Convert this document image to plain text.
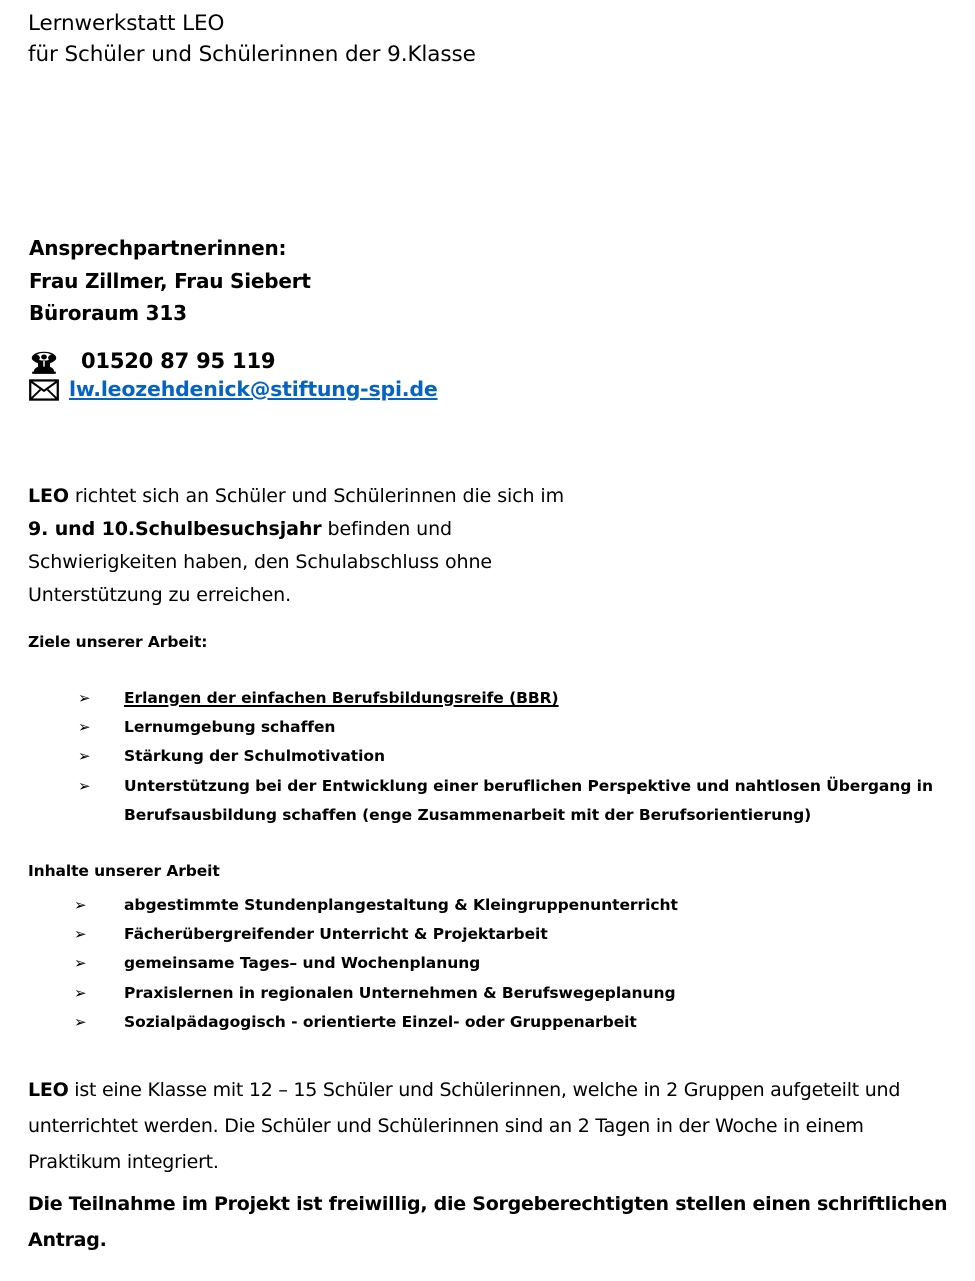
Lernwerkstatt LEO
für Schüler und Schülerinnen der 9.Klasse
Ansprechpartnerinnen:
Frau Zillmer, Frau Siebert
Büroraum 313
01520 87 95 119
lw.leozehdenick@stiftung-spi.de
LEO richtet sich an Schüler und Schülerinnen die sich im
9. und 10.Schulbesuchsjahr befinden und
Schwierigkeiten haben, den Schulabschluss ohne
Unterstützung zu erreichen.
Ziele unserer Arbeit:
➢	Erlangen der einfachen Berufsbildungsreife (BBR)
➢	Lernumgebung schaffen
➢	Stärkung der Schulmotivation
➢	Unterstützung bei der Entwicklung einer beruflichen Perspektive und nahtlosen Übergang in Berufsausbildung schaffen (enge Zusammenarbeit mit der Berufsorientierung)
Inhalte unserer Arbeit
➢	abgestimmte Stundenplangestaltung & Kleingruppenunterricht
➢	Fächerübergreifender Unterricht & Projektarbeit
➢	gemeinsame Tages– und Wochenplanung
➢	Praxislernen in regionalen Unternehmen & Berufswegeplanung
➢	Sozialpädagogisch - orientierte Einzel- oder Gruppenarbeit
LEO ist eine Klasse mit 12 – 15 Schüler und Schülerinnen, welche in 2 Gruppen aufgeteilt und
unterrichtet werden. Die Schüler und Schülerinnen sind an 2 Tagen in der Woche in einem
Praktikum integriert.
Die Teilnahme im Projekt ist freiwillig, die Sorgeberechtigten stellen einen schriftlichen
Antrag.
